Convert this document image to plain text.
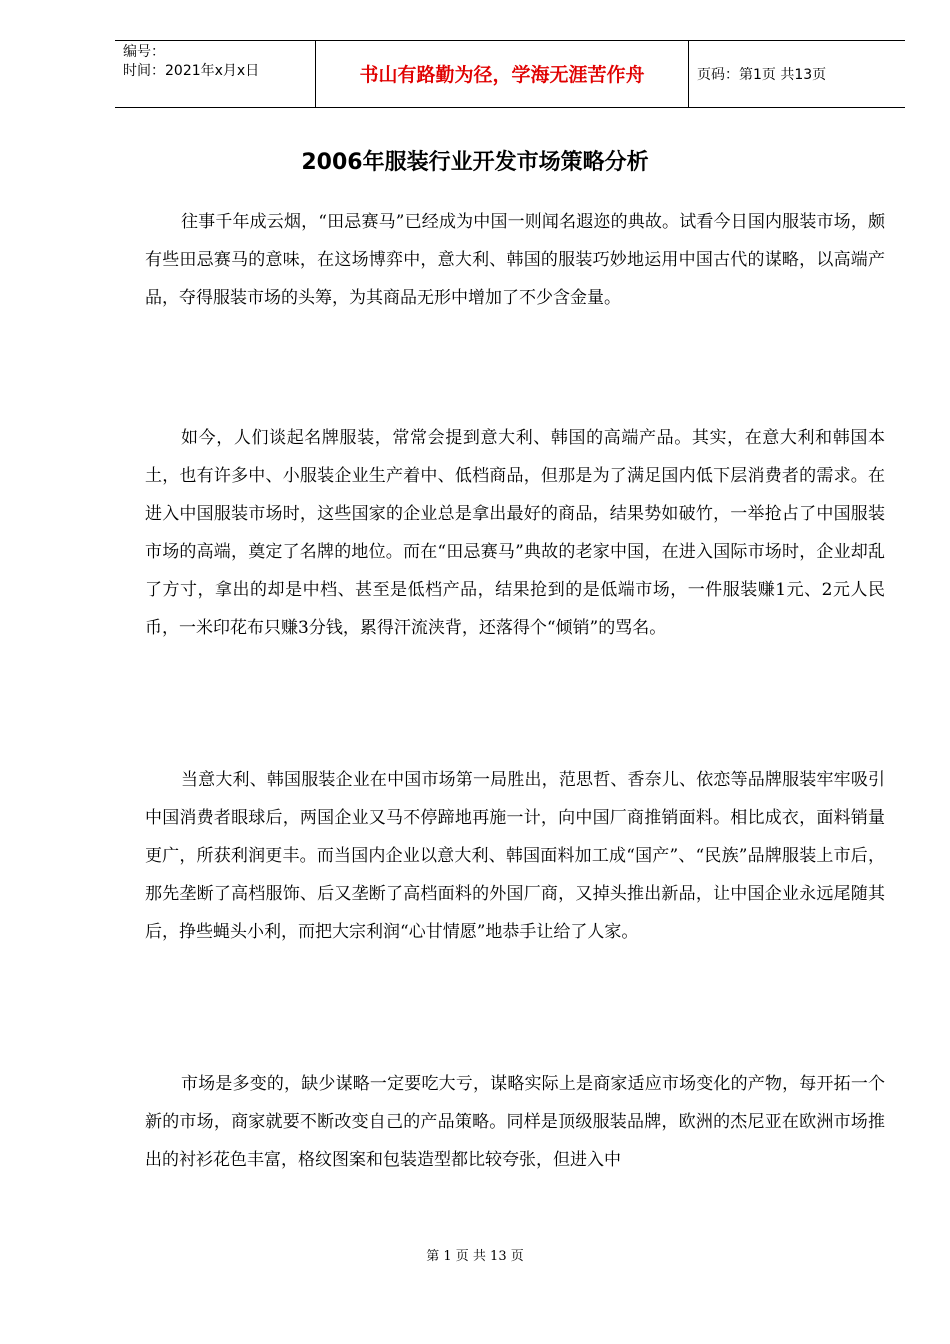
编号：
时间：2021年x月x日	书山有路勤为径，学海无涯苦作舟	页码：第1页 共13页
2006年服装行业开发市场策略分析

往事千年成云烟，“田忌赛马”已经成为中国一则闻名遐迩的典故。试看今日国内服装市场，颇有些田忌赛马的意味，在这场博弈中，意大利、韩国的服装巧妙地运用中国古代的谋略，以高端产品，夺得服装市场的头筹，为其商品无形中增加了不少含金量。

如今，人们谈起名牌服装，常常会提到意大利、韩国的高端产品。其实，在意大利和韩国本土，也有许多中、小服装企业生产着中、低档商品，但那是为了满足国内低下层消费者的需求。在进入中国服装市场时，这些国家的企业总是拿出最好的商品，结果势如破竹，一举抢占了中国服装市场的高端，奠定了名牌的地位。而在“田忌赛马”典故的老家中国，在进入国际市场时，企业却乱了方寸，拿出的却是中档、甚至是低档产品，结果抢到的是低端市场，一件服装赚1元、2元人民币，一米印花布只赚3分钱，累得汗流浃背，还落得个“倾销”的骂名。

当意大利、韩国服装企业在中国市场第一局胜出，范思哲、香奈儿、依恋等品牌服装牢牢吸引中国消费者眼球后，两国企业又马不停蹄地再施一计，向中国厂商推销面料。相比成衣，面料销量更广，所获利润更丰。而当国内企业以意大利、韩国面料加工成“国产”、“民族”品牌服装上市后，那先垄断了高档服饰、后又垄断了高档面料的外国厂商，又掉头推出新品，让中国企业永远尾随其后，挣些蝇头小利，而把大宗利润“心甘情愿”地恭手让给了人家。

市场是多变的，缺少谋略一定要吃大亏，谋略实际上是商家适应市场变化的产物，每开拓一个新的市场，商家就要不断改变自己的产品策略。同样是顶级服装品牌，欧洲的杰尼亚在欧洲市场推出的衬衫花色丰富，格纹图案和包装造型都比较夸张，但进入中

第 1 页 共 13 页
